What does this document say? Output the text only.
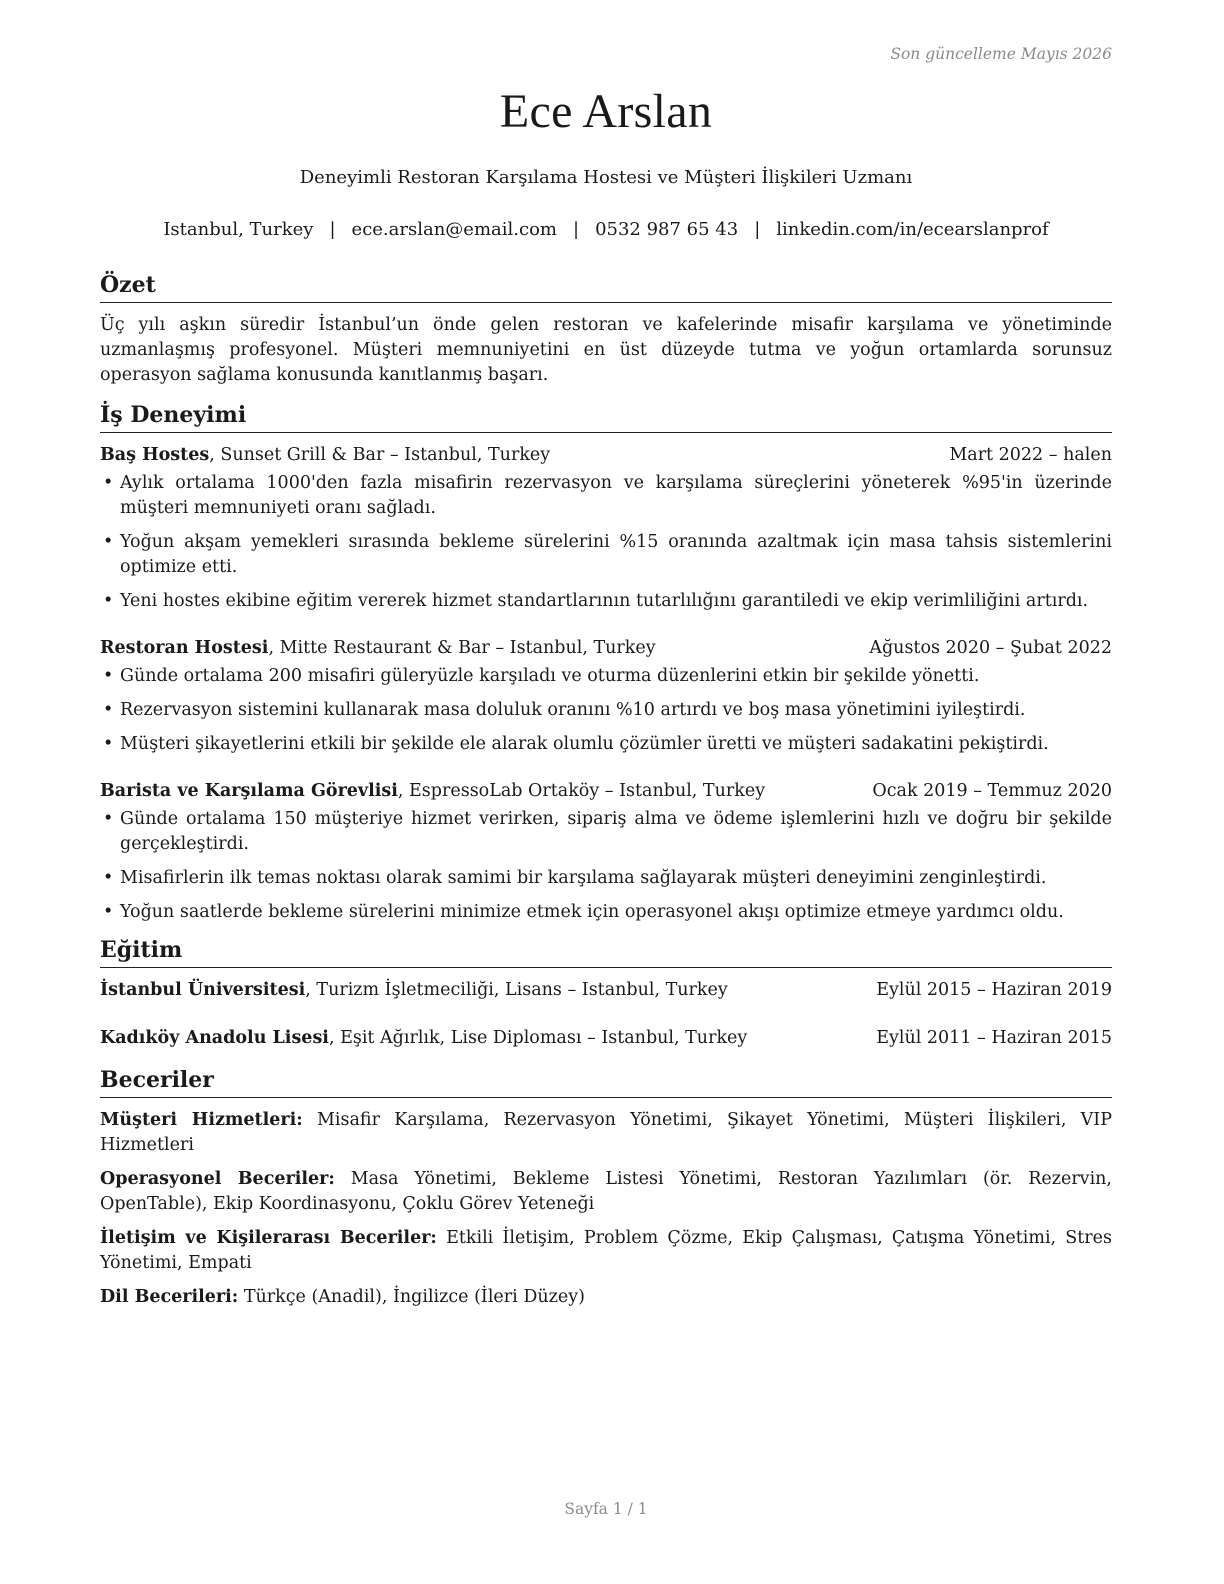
Son güncelleme Mayıs 2026
Ece Arslan
Deneyimli Restoran Karşılama Hostesi ve Müşteri İlişkileri Uzmanı
Istanbul, Turkey | ece.arslan@email.com | 0532 987 65 43 | linkedin.com/in/ecearslanprof
Özet

Üç yılı aşkın süredir İstanbul’un önde gelen restoran ve kafelerinde misafir karşılama ve yönetiminde uzmanlaşmış profesyonel. Müşteri memnuniyetini en üst düzeyde tutma ve yoğun ortamlarda sorunsuz operasyon sağlama konusunda kanıtlanmış başarı.

İş Deneyimi
Baş Hostes, Sunset Grill & Bar – Istanbul, Turkey	Mart 2022 – halen
• Aylık ortalama 1000'den fazla misafirin rezervasyon ve karşılama süreçlerini yöneterek %95'in üzerinde müşteri memnuniyeti oranı sağladı.
• Yoğun akşam yemekleri sırasında bekleme sürelerini %15 oranında azaltmak için masa tahsis sistemlerini optimize etti.
• Yeni hostes ekibine eğitim vererek hizmet standartlarının tutarlılığını garantiledi ve ekip verimliliğini artırdı.
Restoran Hostesi, Mitte Restaurant & Bar – Istanbul, Turkey	Ağustos 2020 – Şubat 2022
• Günde ortalama 200 misafiri güleryüzle karşıladı ve oturma düzenlerini etkin bir şekilde yönetti.
• Rezervasyon sistemini kullanarak masa doluluk oranını %10 artırdı ve boş masa yönetimini iyileştirdi.
• Müşteri şikayetlerini etkili bir şekilde ele alarak olumlu çözümler üretti ve müşteri sadakatini pekiştirdi.
Barista ve Karşılama Görevlisi, EspressoLab Ortaköy – Istanbul, Turkey	Ocak 2019 – Temmuz 2020
• Günde ortalama 150 müşteriye hizmet verirken, sipariş alma ve ödeme işlemlerini hızlı ve doğru bir şekilde gerçekleştirdi.
• Misafirlerin ilk temas noktası olarak samimi bir karşılama sağlayarak müşteri deneyimini zenginleştirdi.
• Yoğun saatlerde bekleme sürelerini minimize etmek için operasyonel akışı optimize etmeye yardımcı oldu.
Eğitim
İstanbul Üniversitesi, Turizm İşletmeciliği, Lisans – Istanbul, Turkey	Eylül 2015 – Haziran 2019
Kadıköy Anadolu Lisesi, Eşit Ağırlık, Lise Diploması – Istanbul, Turkey	Eylül 2011 – Haziran 2015
Beceriler

Müşteri Hizmetleri: Misafir Karşılama, Rezervasyon Yönetimi, Şikayet Yönetimi, Müşteri İlişkileri, VIP Hizmetleri

Operasyonel Beceriler: Masa Yönetimi, Bekleme Listesi Yönetimi, Restoran Yazılımları (ör. Rezervin, OpenTable), Ekip Koordinasyonu, Çoklu Görev Yeteneği

İletişim ve Kişilerarası Beceriler: Etkili İletişim, Problem Çözme, Ekip Çalışması, Çatışma Yönetimi, Stres Yönetimi, Empati

Dil Becerileri: Türkçe (Anadil), İngilizce (İleri Düzey)

Sayfa 1 / 1
